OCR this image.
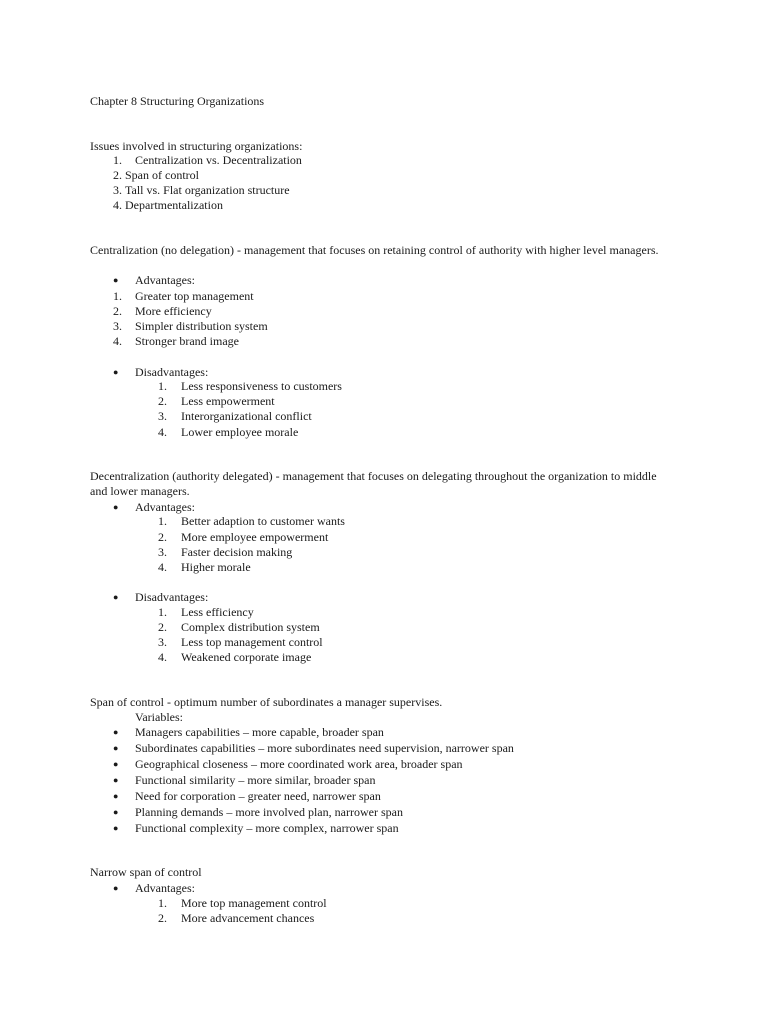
Chapter 8 Structuring Organizations
Issues involved in structuring organizations:
1. Centralization vs. Decentralization
2. Span of control
3. Tall vs. Flat organization structure
4. Departmentalization
Centralization (no delegation) - management that focuses on retaining control of authority with higher level managers.
● Advantages:
1. Greater top management
2. More efficiency
3. Simpler distribution system
4. Stronger brand image
● Disadvantages:
1. Less responsiveness to customers
2. Less empowerment
3. Interorganizational conflict
4. Lower employee morale
Decentralization (authority delegated) - management that focuses on delegating throughout the organization to middle and lower managers.
● Advantages:
1. Better adaption to customer wants
2. More employee empowerment
3. Faster decision making
4. Higher morale
● Disadvantages:
1. Less efficiency
2. Complex distribution system
3. Less top management control
4. Weakened corporate image
Span of control - optimum number of subordinates a manager supervises.
Variables:
● Managers capabilities – more capable, broader span
● Subordinates capabilities – more subordinates need supervision, narrower span
● Geographical closeness – more coordinated work area, broader span
● Functional similarity – more similar, broader span
● Need for corporation – greater need, narrower span
● Planning demands – more involved plan, narrower span
● Functional complexity – more complex, narrower span
Narrow span of control
● Advantages:
1. More top management control
2. More advancement chances
